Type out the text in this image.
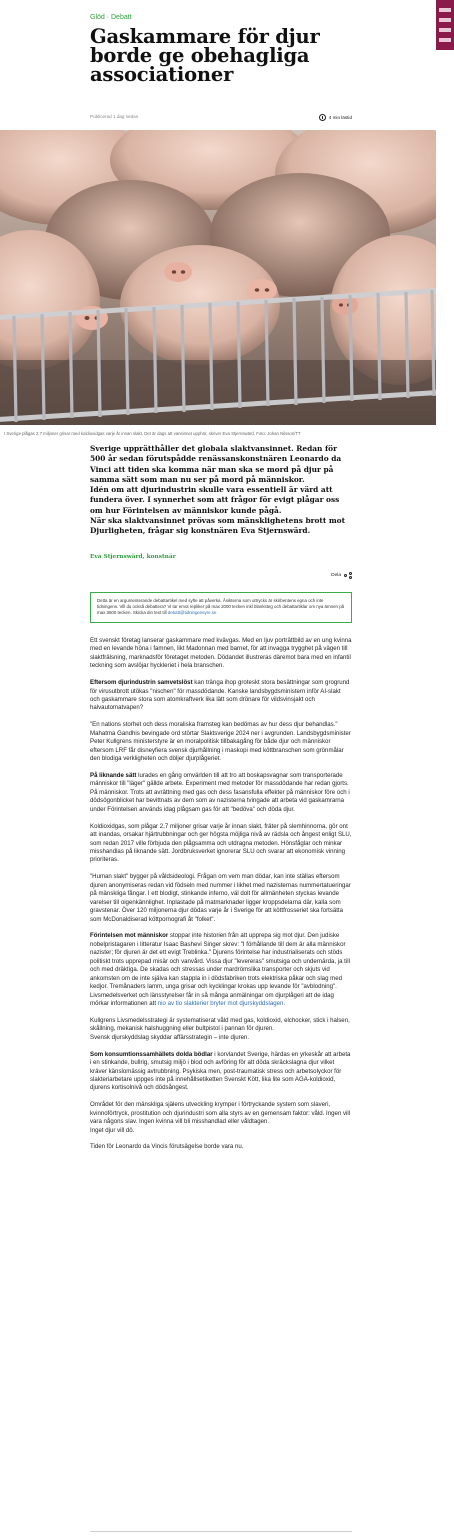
Glöd · Debatt
Gaskammare för djur borde ge obehagliga associationer
Publicerad 1 dag sedan	4 min lästid
I Sverige plågas 2,7 miljoner grisar med koldioxidgas varje år innan slakt. Det är dags att vansinnet upphör, skriver Eva Stjernswärd. Foto: Johan Nilsson/TT

Sverige upprätthåller det globala slaktvansinnet. Redan för 500 år sedan förutspådde renässanskonstnären Leonardo da Vinci att tiden ska komma när man ska se mord på djur på samma sätt som man nu ser på mord på människor.

Idén om att djurindustrin skulle vara essentiell är värd att fundera över. I synnerhet som att frågor för evigt plågar oss om hur Förintelsen av människor kunde pågå.

När ska slaktvansinnet prövas som mänsklighetens brott mot Djurligheten, frågar sig konstnären Eva Stjernswärd.

Eva Stjernswärd, konstnär
Dela
Detta är en argumenterande debattartikel med syfte att påverka. Åsikterna som uttrycks är skribentens egna och inte tidningens. Vill du också debattera? Vi tar emot repliker på max 2000 tecken inkl blanksteg och debattartiklar om nya ämnen på max 3500 tecken. Skicka din text till debatt@tidningensyre.se

Ett svenskt företag lanserar gaskammare med kvävgas. Med en ljuv porträttbild av en ung kvinna med en levande höna i famnen, likt Madonnan med barnet, för att invagga trygghet på vägen till slaktfrälsning, marknadsför företaget metoden. Dödandet illustreras däremot bara med en infantil teckning som avslöjar hyckleriet i hela branschen.

Eftersom djurindustrin samvetslöst kan tränga ihop groteskt stora besättningar som grogrund för virusutbrott utökas "nischen" för massdödande. Kanske landsbygdsministern inför AI-slakt och gaskammare stora som atomkraftverk lika lätt som drönare för vildsvinsjakt och halvautomatvapen?

"En nations storhet och dess moraliska framsteg kan bedömas av hur dess djur behandlas." Mahatma Gandhis bevingade ord störtar Slaktsverige 2024 ner i avgrunden. Landsbygdsminister Peter Kullgrens ministerstyre är en moralpolitisk tillbakagång för både djur och människor eftersom LRF får disneyfiera svensk djurhållning i maskopi med köttbranschen som grönmålar den blodiga verkligheten och döljer djurplågeriet.

På liknande sätt lurades en gång omvärlden till att tro att boskapsvagnar som transporterade människor till "läger" gällde arbete. Experiment med metoder för massdödande har redan gjorts. På människor. Trots att avrättning med gas och dess fasansfulla effekter på människor före och i dödsögonblicket har bevittnats av dem som av nazisterna tvingade att arbeta vid gaskamrarna under Förintelsen används idag plågsam gas för att "bedöva" och döda djur.

Koldioxidgas, som plågar 2,7 miljoner grisar varje år innan slakt, fräter på slemhinnorna, gör ont att inandas, orsakar hjärtrubbningar och ger högsta möjliga nivå av rädsla och ångest enligt SLU, som redan 2017 ville förbjuda den plågsamma och utdragna metoden. Hönsfåglar och minkar misshandlas på liknande sätt. Jordbruksverket ignorerar SLU och svarar att ekonomisk vinning prioriteras.

"Human slakt" bygger på våldsideologi. Frågan om vem man dödar, kan inte ställas eftersom djuren anonymiseras redan vid födseln med nummer i likhet med nazisternas nummertatueringar på mänskliga fångar. I ett blodigt, stinkande inferno, väl dolt för allmänheten styckas levande varelser till oigenkännlighet. Inplastade på matmarknader ligger kroppsdelarna där, kalla som gravstenar. Över 120 miljonerna djur dödas varje år i Sverige för att köttfrosseriet ska fortsätta som McDonaldiserad köttpornografi åt "folket".

Förintelsen mot människor stoppar inte historien från att upprepa sig mot djur. Den judiske nobelpristagaren i litteratur Isaac Bashevi Singer skrev: "I förhållande till dem är alla människor nazister; för djuren är det ett evigt Treblinka." Djurens förintelse har industrialiserats och stöds politiskt trots upprepad misär och vanvård. Vissa djur "levereras" smutsiga och undernärda, ja till och med dräktiga. De skadas och stressas under mardrömslika transporter och skjuts vid ankomsten om de inte själva kan stappla in i dödsfabriken trots elektriska påkar och slag med kedjor. Tremånaders lamm, unga grisar och kycklingar krokas upp levande för "avblodning". Livsmedelsverket och länsstyrelser får in så många anmälningar om djurplågeri att de idag mörkar informationen att nio av tio slakterier bryter mot djurskyddslagen.

Kullgrens Livsmedelsstrategi är systematiserat våld med gas, koldioxid, elchocker, stick i halsen, skållning, mekanisk halshuggning eller bultpistol i pannan för djuren.
Svensk djurskyddslag skyddar affärsstrategin – inte djuren.

Som konsumtionssamhällets dolda bödlar i korvlandet Sverige, härdas en yrkeskår att arbeta i en stinkande, bullrig, smutsig miljö i blod och avföring för att döda skräckslagna djur vilket kräver känslomässig avtrubbning. Psykiska men, post-traumatisk stress och arbetsolyckor för slakteriarbetare uppges inte på innehållsetiketten Svenskt Kött, lika lite som AGA-koldioxid, djurens kortisolnivå och dödsångest.

Området för den mänskliga själens utveckling krymper i förtryckande system som slaveri, kvinnoförtryck, prostitution och djurindustri som alla styrs av en gemensam faktor: våld. Ingen vill vara någons slav. Ingen kvinna vill bli misshandlad eller våldtagen.
Inget djur vill dö.

Tiden för Leonardo da Vincis förutsägelse borde vara nu.
